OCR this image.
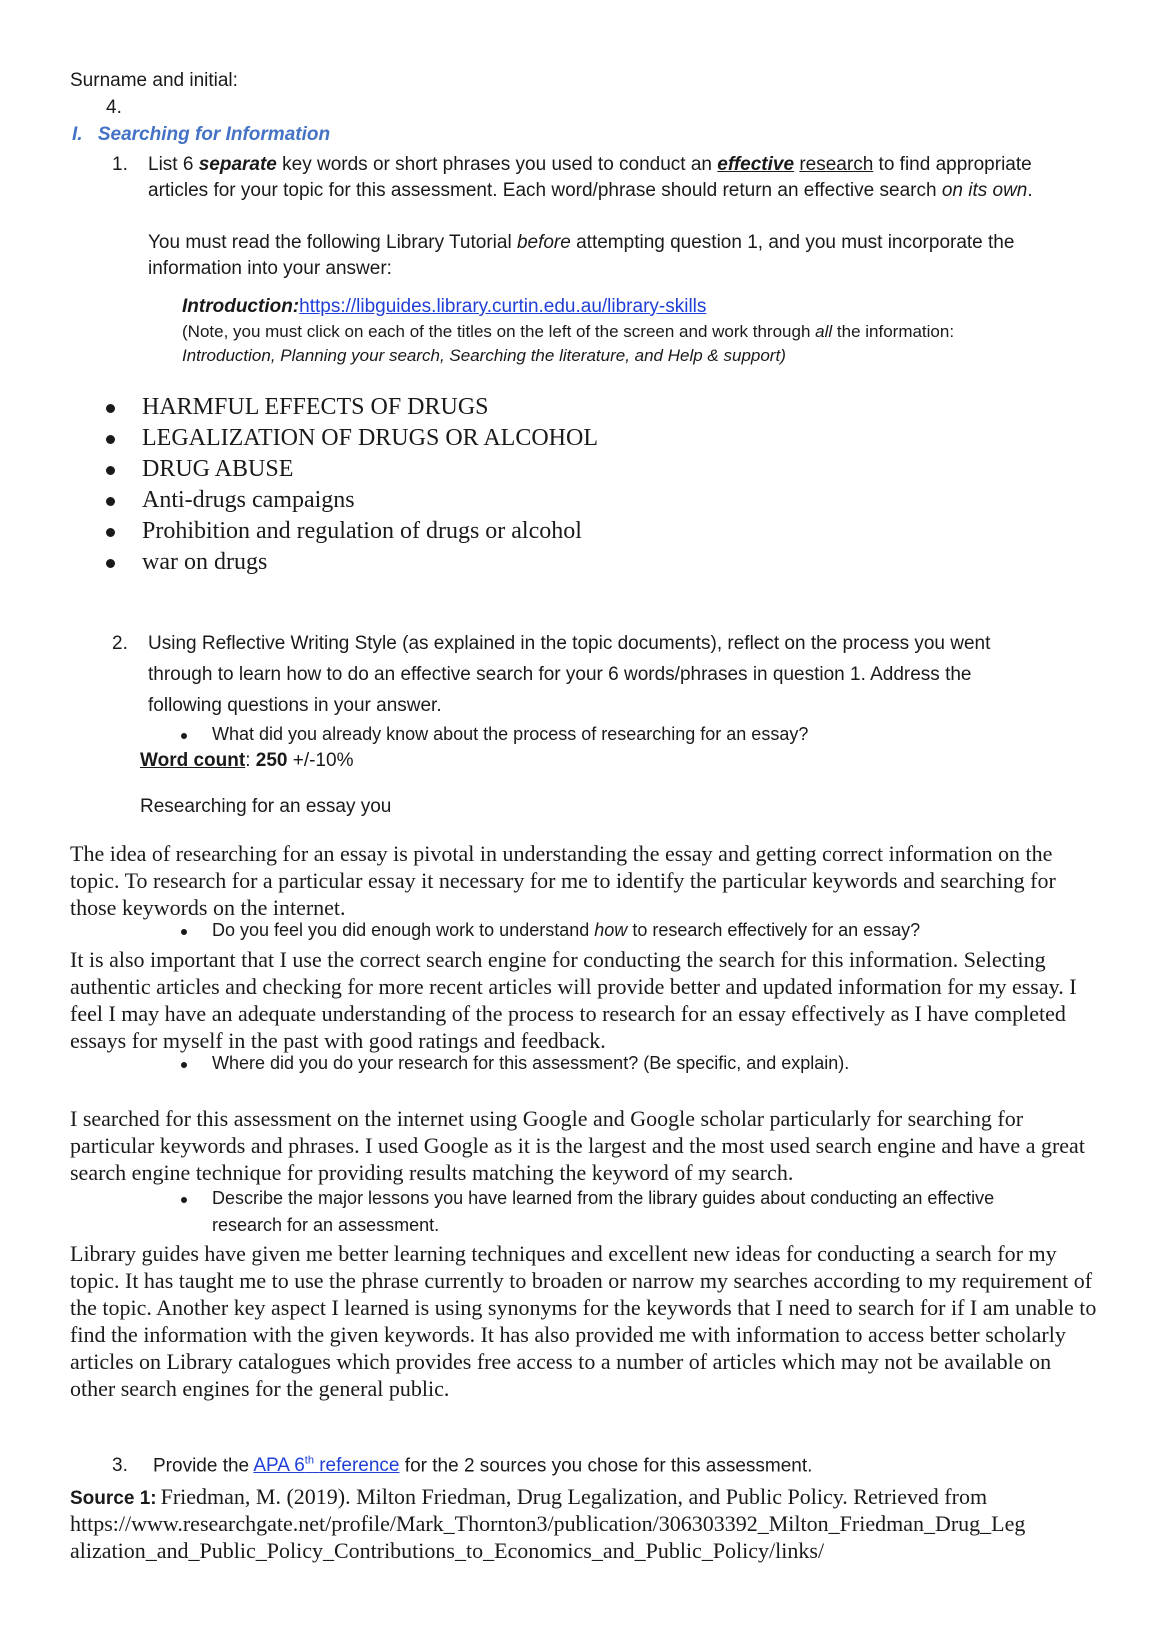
Surname and initial:
4.
I. Searching for Information
1. List 6 separate key words or short phrases you used to conduct an effective research to find appropriate
articles for your topic for this assessment. Each word/phrase should return an effective search on its own.
You must read the following Library Tutorial before attempting question 1, and you must incorporate the
information into your answer:
Introduction:https://libguides.library.curtin.edu.au/library-skills
(Note, you must click on each of the titles on the left of the screen and work through all the information:
Introduction, Planning your search, Searching the literature, and Help & support)
HARMFUL EFFECTS OF DRUGS
LEGALIZATION OF DRUGS OR ALCOHOL
DRUG ABUSE
Anti-drugs campaigns
Prohibition and regulation of drugs or alcohol
war on drugs
2. Using Reflective Writing Style (as explained in the topic documents), reflect on the process you went
through to learn how to do an effective search for your 6 words/phrases in question 1. Address the
following questions in your answer.
What did you already know about the process of researching for an essay?
Word count: 250 +/-10%
Researching for an essay you
The idea of researching for an essay is pivotal in understanding the essay and getting correct information on the topic. To research for a particular essay it necessary for me to identify the particular keywords and searching for those keywords on the internet.
Do you feel you did enough work to understand how to research effectively for an essay?
It is also important that I use the correct search engine for conducting the search for this information. Selecting authentic articles and checking for more recent articles will provide better and updated information for my essay. I feel I may have an adequate understanding of the process to research for an essay effectively as I have completed essays for myself in the past with good ratings and feedback.
Where did you do your research for this assessment? (Be specific, and explain).
I searched for this assessment on the internet using Google and Google scholar particularly for searching for particular keywords and phrases. I used Google as it is the largest and the most used search engine and have a great search engine technique for providing results matching the keyword of my search.
Describe the major lessons you have learned from the library guides about conducting an effective
research for an assessment.
Library guides have given me better learning techniques and excellent new ideas for conducting a search for my topic. It has taught me to use the phrase currently to broaden or narrow my searches according to my requirement of the topic. Another key aspect I learned is using synonyms for the keywords that I need to search for if I am unable to find the information with the given keywords. It has also provided me with information to access better scholarly articles on Library catalogues which provides free access to a number of articles which may not be available on other search engines for the general public.
3. Provide the APA 6th reference for the 2 sources you chose for this assessment.
Source 1: Friedman, M. (2019). Milton Friedman, Drug Legalization, and Public Policy. Retrieved from
https://www.researchgate.net/profile/Mark_Thornton3/publication/306303392_Milton_Friedman_Drug_Leg
alization_and_Public_Policy_Contributions_to_Economics_and_Public_Policy/links/
